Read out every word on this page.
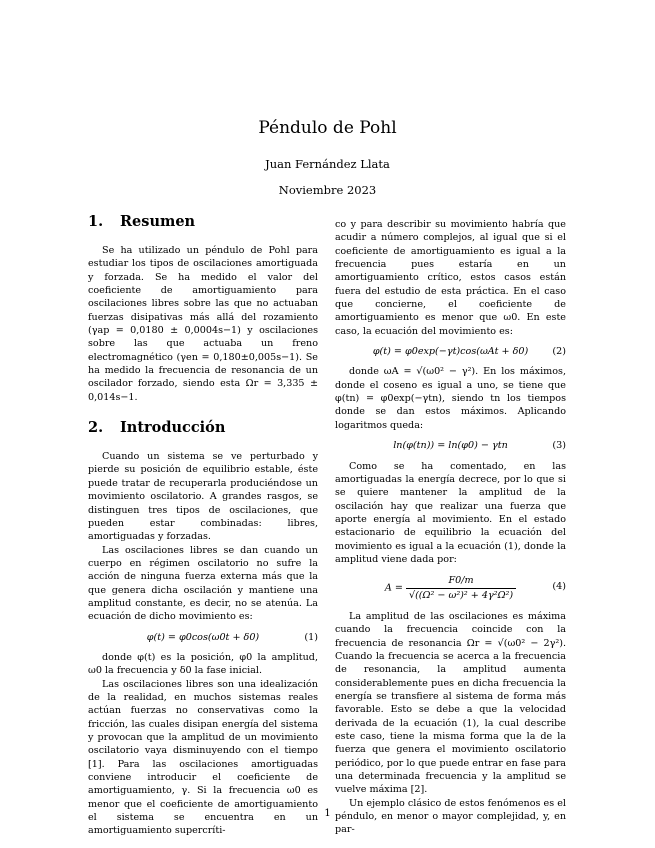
Péndulo de Pohl
Juan Fernández Llata
Noviembre 2023
1. Resumen

Se ha utilizado un péndulo de Pohl para estudiar los tipos de oscilaciones amortiguada y forzada. Se ha medido el valor del coeficiente de amortiguamiento para oscilaciones libres sobre las que no actuaban fuerzas disipativas más allá del rozamiento (γap = 0,0180 ± 0,0004s−1) y oscilaciones sobre las que actuaba un freno electromagnético (γen = 0,180±0,005s−1). Se ha medido la frecuencia de resonancia de un oscilador forzado, siendo esta Ωr = 3,335 ± 0,014s−1.

2. Introducción

Cuando un sistema se ve perturbado y pierde su posición de equilibrio estable, éste puede tratar de recuperarla produciéndose un movimiento oscilatorio. A grandes rasgos, se distinguen tres tipos de oscilaciones, que pueden estar combinadas: libres, amortiguadas y forzadas.

Las oscilaciones libres se dan cuando un cuerpo en régimen oscilatorio no sufre la acción de ninguna fuerza externa más que la que genera dicha oscilación y mantiene una amplitud constante, es decir, no se atenúa. La ecuación de dicho movimiento es:

φ(t) = φ0cos(ω0t + δ0)	(1)

donde φ(t) es la posición, φ0 la amplitud, ω0 la frecuencia y δ0 la fase inicial.

Las oscilaciones libres son una idealización de la realidad, en muchos sistemas reales actúan fuerzas no conservativas como la fricción, las cuales disipan energía del sistema y provocan que la amplitud de un movimiento oscilatorio vaya disminuyendo con el tiempo [1]. Para las oscilaciones amortiguadas conviene introducir el coeficiente de amortiguamiento, γ. Si la frecuencia ω0 es menor que el coeficiente de amortiguamiento el sistema se encuentra en un amortiguamiento supercríti-

co y para describir su movimiento habría que acudir a número complejos, al igual que si el coeficiente de amortiguamiento es igual a la frecuencia pues estaría en un amortiguamiento crítico, estos casos están fuera del estudio de esta práctica. En el caso que concierne, el coeficiente de amortiguamiento es menor que ω0. En este caso, la ecuación del movimiento es:

φ(t) = φ0exp(−γt)cos(ωAt + δ0)	(2)

donde ωA = √(ω0² − γ²). En los máximos, donde el coseno es igual a uno, se tiene que φ(tn) = φ0exp(−γtn), siendo tn los tiempos donde se dan estos máximos. Aplicando logaritmos queda:

ln(φ(tn)) = ln(φ0) − γtn	(3)

Como se ha comentado, en las amortiguadas la energía decrece, por lo que si se quiere mantener la amplitud de la oscilación hay que realizar una fuerza que aporte energía al movimiento. En el estado estacionario de equilibrio la ecuación del movimiento es igual a la ecuación (1), donde la amplitud viene dada por:

$A = \frac{F0/m}{\text{√((Ω² − ω²)² + 4γ²Ω²)}}$	(4)

La amplitud de las oscilaciones es máxima cuando la frecuencia coincide con la frecuencia de resonancia Ωr = √(ω0² − 2γ²). Cuando la frecuencia se acerca a la frecuencia de resonancia, la amplitud aumenta considerablemente pues en dicha frecuencia la energía se transfiere al sistema de forma más favorable. Esto se debe a que la velocidad derivada de la ecuación (1), la cual describe este caso, tiene la misma forma que la de la fuerza que genera el movimiento oscilatorio periódico, por lo que puede entrar en fase para una determinada frecuencia y la amplitud se vuelve máxima [2].

Un ejemplo clásico de estos fenómenos es el péndulo, en menor o mayor complejidad, y, en par-

1
